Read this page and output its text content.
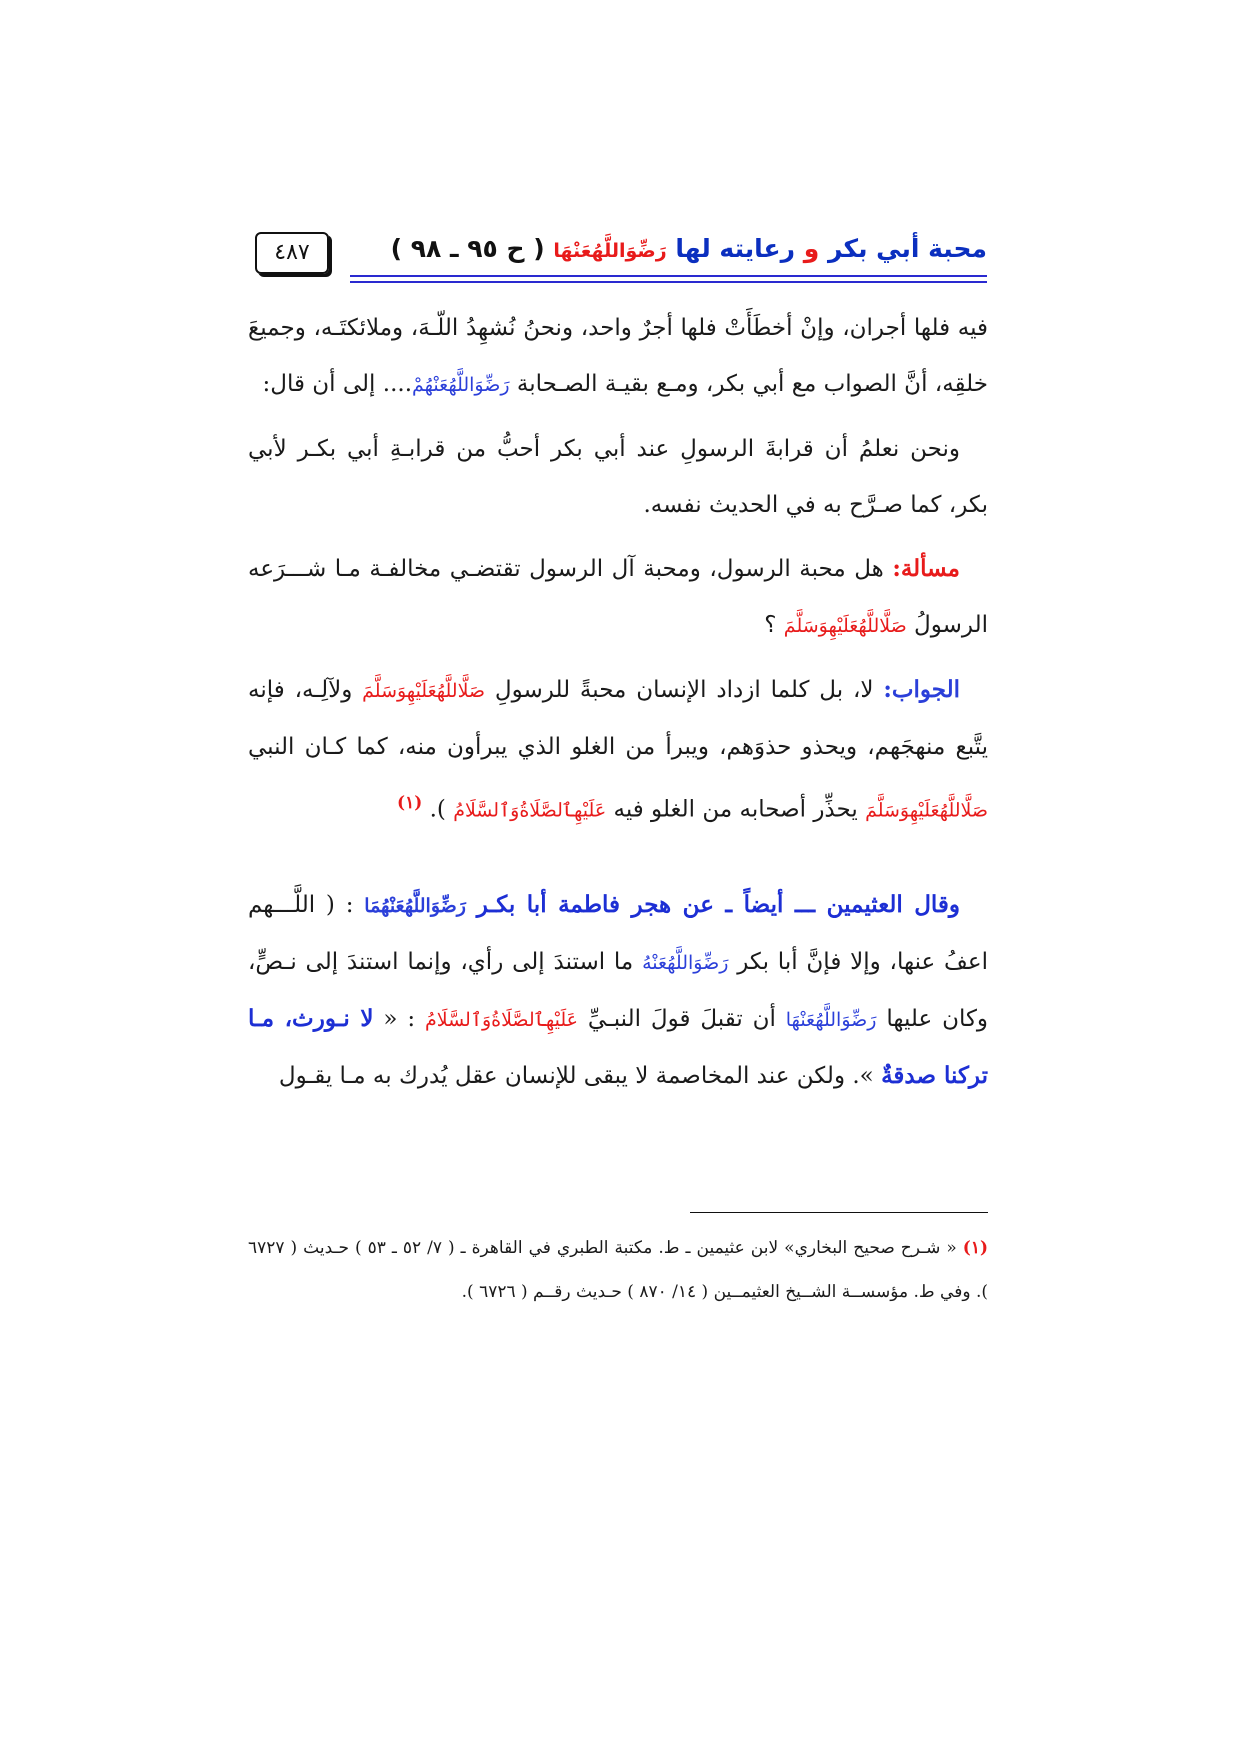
محبة أبي بكر و رعايته لها رَضِّوَاللَّهُعَنْهَا ( ح ٩٥ ـ ٩٨ )
٤٨٧

فيه فلها أجران، وإنْ أخطَأَتْ فلها أجرٌ واحد، ونحنُ نُشهِدُ اللّـهَ، وملائكتَـه، وجميعَ خلقِه، أنَّ الصواب مع أبي بكر، ومـع بقيـة الصـحابة رَضِّوَاللَّهُعَنْهُمْ.... إلى أن قال:

ونحن نعلمُ أن قرابةَ الرسولِ عند أبي بكر أحبُّ من قرابـةِ أبي بكـر لأبي بكر، كما صـرَّح به في الحديث نفسه.

مسألة: هل محبة الرسول، ومحبة آل الرسول تقتضـي مخالفـة مـا شـــرَعه الرسولُ صَلَّاللَّهُعَلَيْهِوَسَلَّمَ ؟

الجواب: لا، بل كلما ازداد الإنسان محبةً للرسولِ صَلَّاللَّهُعَلَيْهِوَسَلَّمَ ولآلِـه، فإنه يتَّبع منهجَهم، ويحذو حذوَهم، ويبرأ من الغلو الذي يبرأون منه، كما كـان النبي صَلَّاللَّهُعَلَيْهِوَسَلَّمَ يحذِّر أصحابه من الغلو فيه عَلَيْهِٱلصَّلَاةُوَٱلسَّلَامُ ). $^{(١)}$

وقال العثيمين ـــ أيضاً ـ عن هجر فاطمة أبا بكـر رَضِّوَاللَّهُعَنْهُمَا : ( اللَّـــهم اعفُ عنها، وإلا فإنَّ أبا بكر رَضِّوَاللَّهُعَنْهُ ما استندَ إلى رأي، وإنما استندَ إلى نـصٍّ، وكان عليها رَضِّوَاللَّهُعَنْهَا أن تقبلَ قولَ النبـيِّ عَلَيْهِٱلصَّلَاةُوَٱلسَّلَامُ : « لا نـورث، مـا تركنا صدقةٌ ». ولكن عند المخاصمة لا يبقى للإنسان عقل يُدرك به مـا يقـول

(١) « شـرح صحيح البخاري» لابن عثيمين ـ ط. مكتبة الطبري في القاهرة ـ ( ٧/ ٥٢ ـ ٥٣ ) حـديث ( ٦٧٢٧ ). وفي ط. مؤسســة الشــيخ العثيمــين ( ١٤/ ٨٧٠ ) حـديث رقــم ( ٦٧٢٦ ).
